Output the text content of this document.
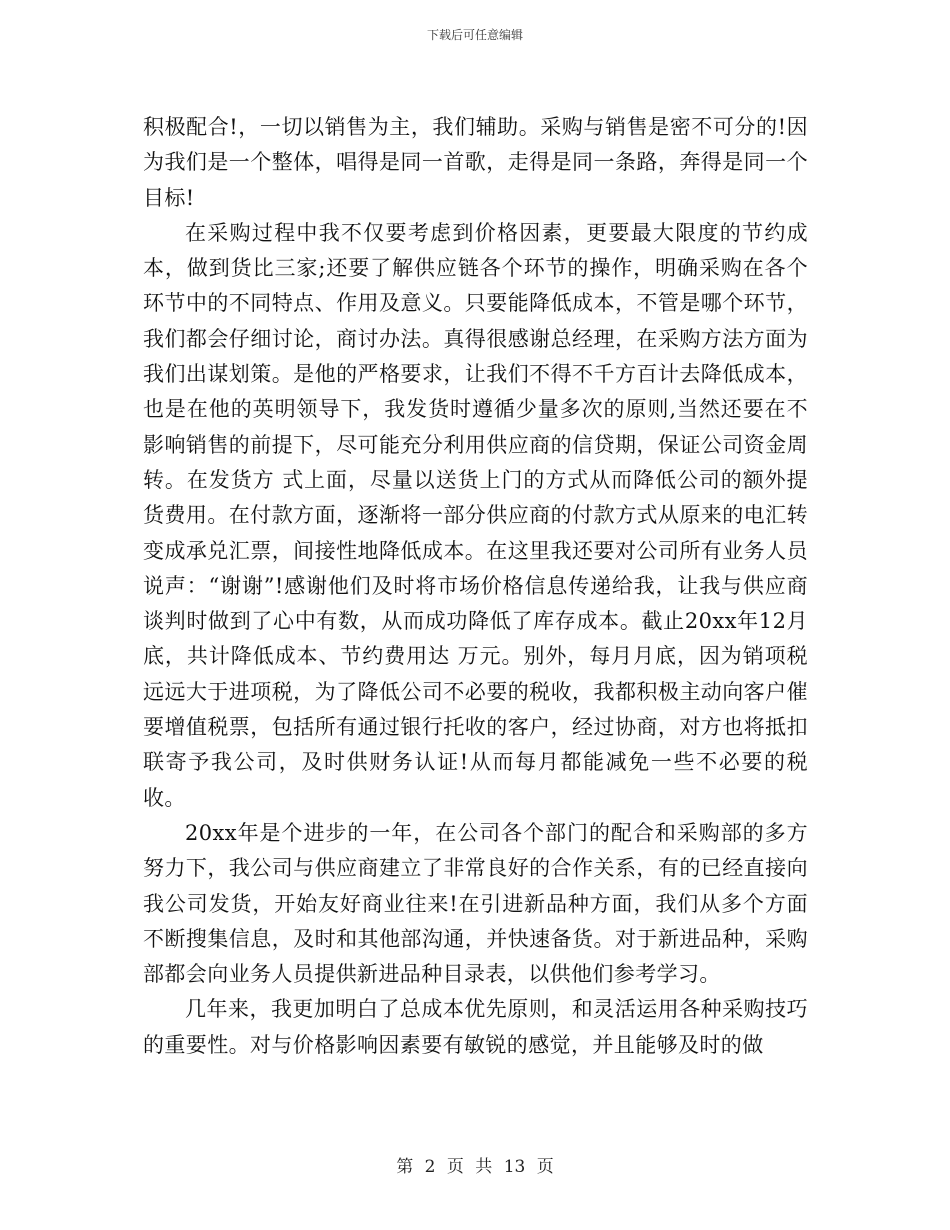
下载后可任意编辑

积极配合!，一切以销售为主，我们辅助。采购与销售是密不可分的!因为我们是一个整体，唱得是同一首歌，走得是同一条路，奔得是同一个目标!

在采购过程中我不仅要考虑到价格因素，更要最大限度的节约成本，做到货比三家;还要了解供应链各个环节的操作，明确采购在各个环节中的不同特点、作用及意义。只要能降低成本，不管是哪个环节，我们都会仔细讨论，商讨办法。真得很感谢总经理，在采购方法方面为我们出谋划策。是他的严格要求，让我们不得不千方百计去降低成本，也是在他的英明领导下，我发货时遵循少量多次的原则,当然还要在不影响销售的前提下，尽可能充分利用供应商的信贷期，保证公司资金周转。在发货方 式上面，尽量以送货上门的方式从而降低公司的额外提货费用。在付款方面，逐渐将一部分供应商的付款方式从原来的电汇转变成承兑汇票，间接性地降低成本。在这里我还要对公司所有业务人员说声：“谢谢”!感谢他们及时将市场价格信息传递给我，让我与供应商谈判时做到了心中有数，从而成功降低了库存成本。截止20xx年12月底，共计降低成本、节约费用达 万元。别外，每月月底，因为销项税远远大于进项税，为了降低公司不必要的税收，我都积极主动向客户催要增值税票，包括所有通过银行托收的客户，经过协商，对方也将抵扣联寄予我公司，及时供财务认证!从而每月都能减免一些不必要的税收。

20xx年是个进步的一年，在公司各个部门的配合和采购部的多方努力下，我公司与供应商建立了非常良好的合作关系，有的已经直接向我公司发货，开始友好商业往来!在引进新品种方面，我们从多个方面不断搜集信息，及时和其他部沟通，并快速备货。对于新进品种，采购部都会向业务人员提供新进品种目录表，以供他们参考学习。

几年来，我更加明白了总成本优先原则，和灵活运用各种采购技巧的重要性。对与价格影响因素要有敏锐的感觉，并且能够及时的做

第 2 页 共 13 页
